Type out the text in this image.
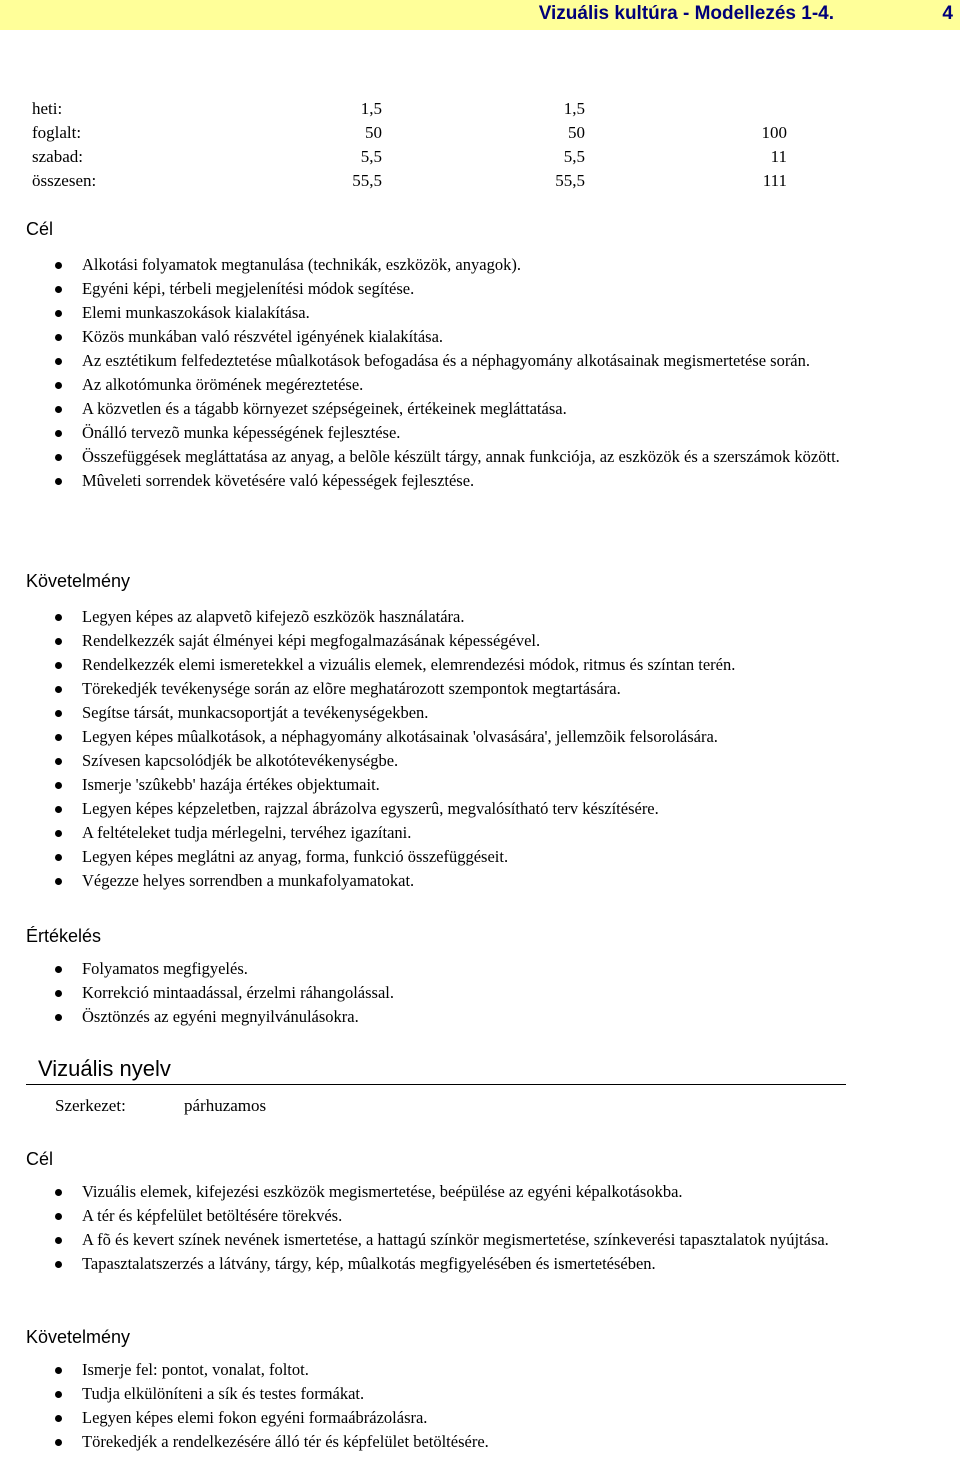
Vizuális kultúra - Modellezés 1-4.	4
heti:	1,5	1,5
foglalt:	50	50	100
szabad:	5,5	5,5	11
összesen:	55,5	55,5	111
Cél
Alkotási folyamatok megtanulása (technikák, eszközök, anyagok).
Egyéni képi, térbeli megjelenítési módok segítése.
Elemi munkaszokások kialakítása.
Közös munkában való részvétel igényének kialakítása.
Az esztétikum felfedeztetése mûalkotások befogadása és a néphagyomány alkotásainak megismertetése során.
Az alkotómunka örömének megéreztetése.
A közvetlen és a tágabb környezet szépségeinek, értékeinek megláttatása.
Önálló tervezõ munka képességének fejlesztése.
Összefüggések megláttatása az anyag, a belõle készült tárgy, annak funkciója, az eszközök és a szerszámok között.
Mûveleti sorrendek követésére való képességek fejlesztése.
Követelmény
Legyen képes az alapvetõ kifejezõ eszközök használatára.
Rendelkezzék saját élményei képi megfogalmazásának képességével.
Rendelkezzék elemi ismeretekkel a vizuális elemek, elemrendezési módok, ritmus és színtan terén.
Törekedjék tevékenysége során az elõre meghatározott szempontok megtartására.
Segítse társát, munkacsoportját a tevékenységekben.
Legyen képes mûalkotások, a néphagyomány alkotásainak 'olvasására', jellemzõik felsorolására.
Szívesen kapcsolódjék be alkotótevékenységbe.
Ismerje 'szûkebb' hazája értékes objektumait.
Legyen képes képzeletben, rajzzal ábrázolva egyszerû, megvalósítható terv készítésére.
A feltételeket tudja mérlegelni, tervéhez igazítani.
Legyen képes meglátni az anyag, forma, funkció összefüggéseit.
Végezze helyes sorrendben a munkafolyamatokat.
Értékelés
Folyamatos megfigyelés.
Korrekció mintaadással, érzelmi ráhangolással.
Ösztönzés az egyéni megnyilvánulásokra.
Vizuális nyelv
Szerkezet:	párhuzamos
Cél
Vizuális elemek, kifejezési eszközök megismertetése, beépülése az egyéni képalkotásokba.
A tér és képfelület betöltésére törekvés.
A fõ és kevert színek nevének ismertetése, a hattagú színkör megismertetése, színkeverési tapasztalatok nyújtása.
Tapasztalatszerzés a látvány, tárgy, kép, mûalkotás megfigyelésében és ismertetésében.
Követelmény
Ismerje fel: pontot, vonalat, foltot.
Tudja elkülöníteni a sík és testes formákat.
Legyen képes elemi fokon egyéni formaábrázolásra.
Törekedjék a rendelkezésére álló tér és képfelület betöltésére.
